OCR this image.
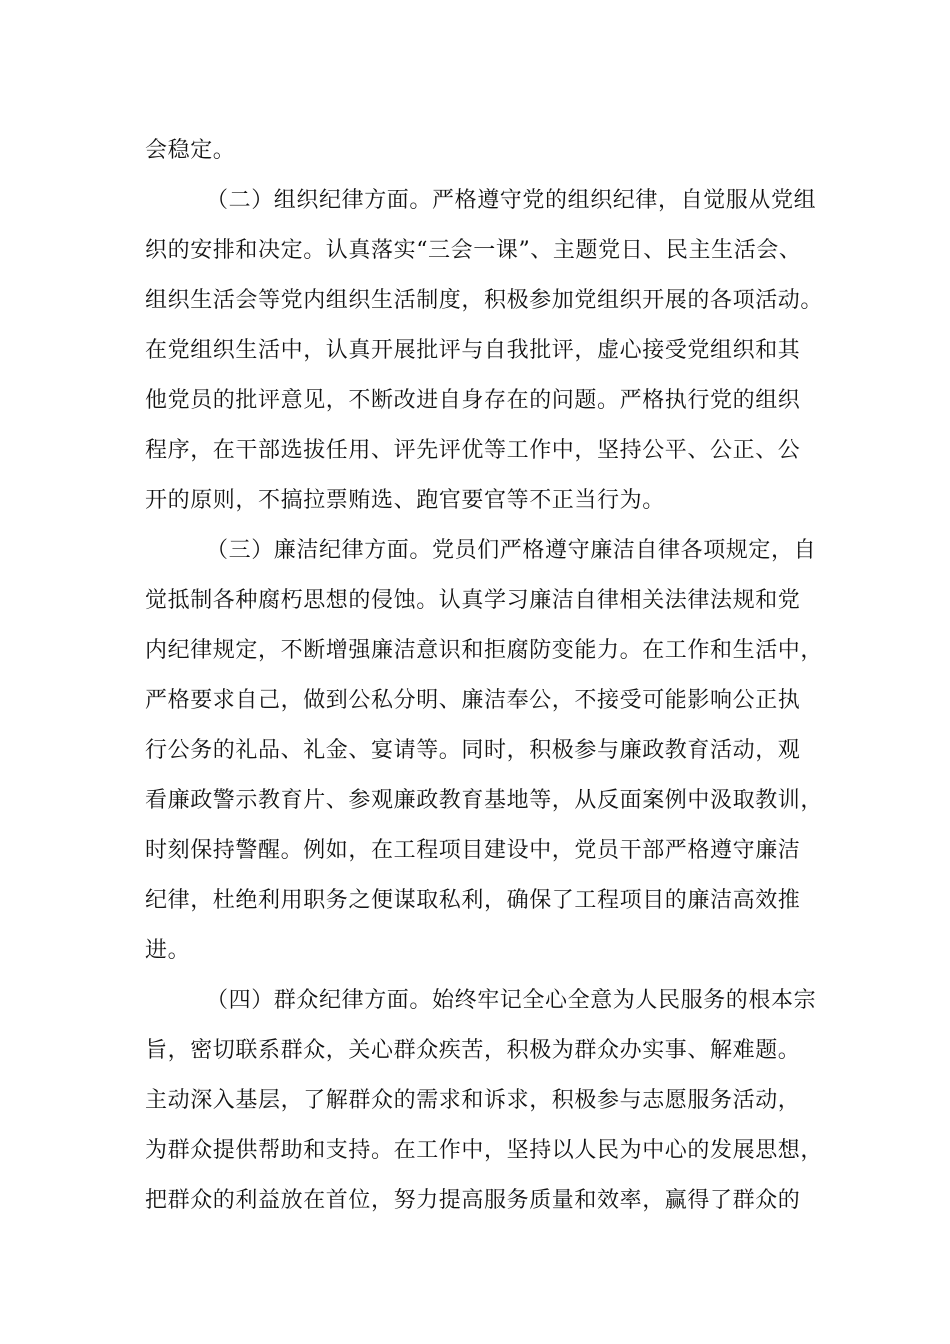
会稳定。
（二）组织纪律方面。严格遵守党的组织纪律，自觉服从党组
织的安排和决定。认真落实“三会一课”、主题党日、民主生活会、
组织生活会等党内组织生活制度，积极参加党组织开展的各项活动。
在党组织生活中，认真开展批评与自我批评，虚心接受党组织和其
他党员的批评意见，不断改进自身存在的问题。严格执行党的组织
程序，在干部选拔任用、评先评优等工作中，坚持公平、公正、公
开的原则，不搞拉票贿选、跑官要官等不正当行为。
（三）廉洁纪律方面。党员们严格遵守廉洁自律各项规定，自
觉抵制各种腐朽思想的侵蚀。认真学习廉洁自律相关法律法规和党
内纪律规定，不断增强廉洁意识和拒腐防变能力。在工作和生活中，
严格要求自己，做到公私分明、廉洁奉公，不接受可能影响公正执
行公务的礼品、礼金、宴请等。同时，积极参与廉政教育活动，观
看廉政警示教育片、参观廉政教育基地等，从反面案例中汲取教训，
时刻保持警醒。例如，在工程项目建设中，党员干部严格遵守廉洁
纪律，杜绝利用职务之便谋取私利，确保了工程项目的廉洁高效推
进。
（四）群众纪律方面。始终牢记全心全意为人民服务的根本宗
旨，密切联系群众，关心群众疾苦，积极为群众办实事、解难题。
主动深入基层，了解群众的需求和诉求，积极参与志愿服务活动，
为群众提供帮助和支持。在工作中，坚持以人民为中心的发展思想，
把群众的利益放在首位，努力提高服务质量和效率，赢得了群众的
